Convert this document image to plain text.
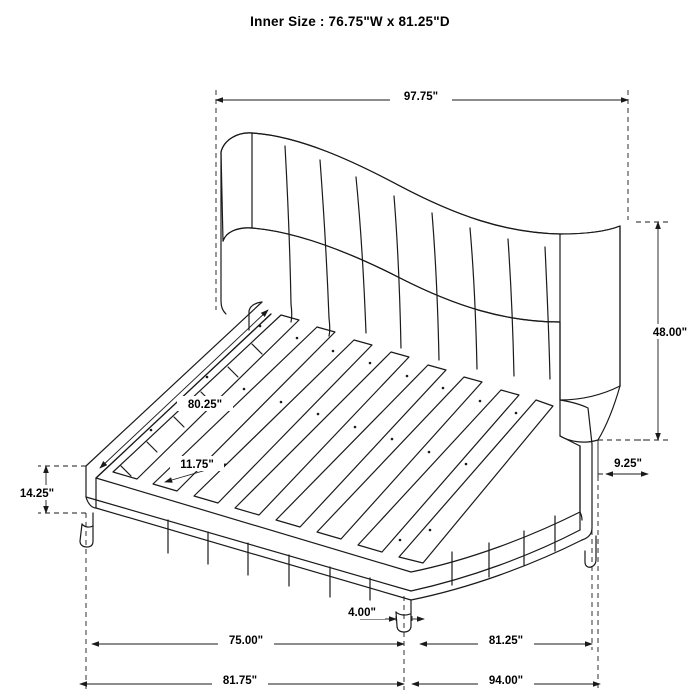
Inner Size : 76.75"W x 81.25"D
97.75"
48.00"
9.25"
14.25"
80.25"
11.75"
4.00"
75.00"	81.25"
81.75"	94.00"
